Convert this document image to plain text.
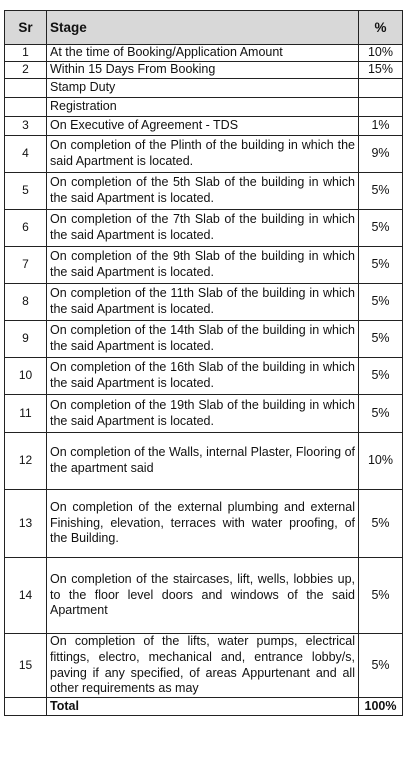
Sr	Stage	%
1	At the time of Booking/Application Amount	10%
2	Within 15 Days From Booking	15%
	Stamp Duty	
	Registration	
3	On Executive of Agreement - TDS	1%
4	On completion of the Plinth of the building in which the said Apartment is located.	9%
5	On completion of the 5th Slab of the building in which the said Apartment is located.	5%
6	On completion of the 7th Slab of the building in which the said Apartment is located.	5%
7	On completion of the 9th Slab of the building in which the said Apartment is located.	5%
8	On completion of the 11th Slab of the building in which the said Apartment is located.	5%
9	On completion of the 14th Slab of the building in which the said Apartment is located.	5%
10	On completion of the 16th Slab of the building in which the said Apartment is located.	5%
11	On completion of the 19th Slab of the building in which the said Apartment is located.	5%
12	On completion of the Walls, internal Plaster, Flooring of the apartment said	10%
13	On completion of the external plumbing and external Finishing, elevation, terraces with water proofing, of the Building.	5%
14	On completion of the staircases, lift, wells, lobbies up, to the floor level doors and windows of the said Apartment	5%
15	On completion of the lifts, water pumps, electrical fittings, electro, mechanical and, entrance lobby/s, paving if any specified, of areas Appurtenant and all other requirements as may	5%
	Total	100%
